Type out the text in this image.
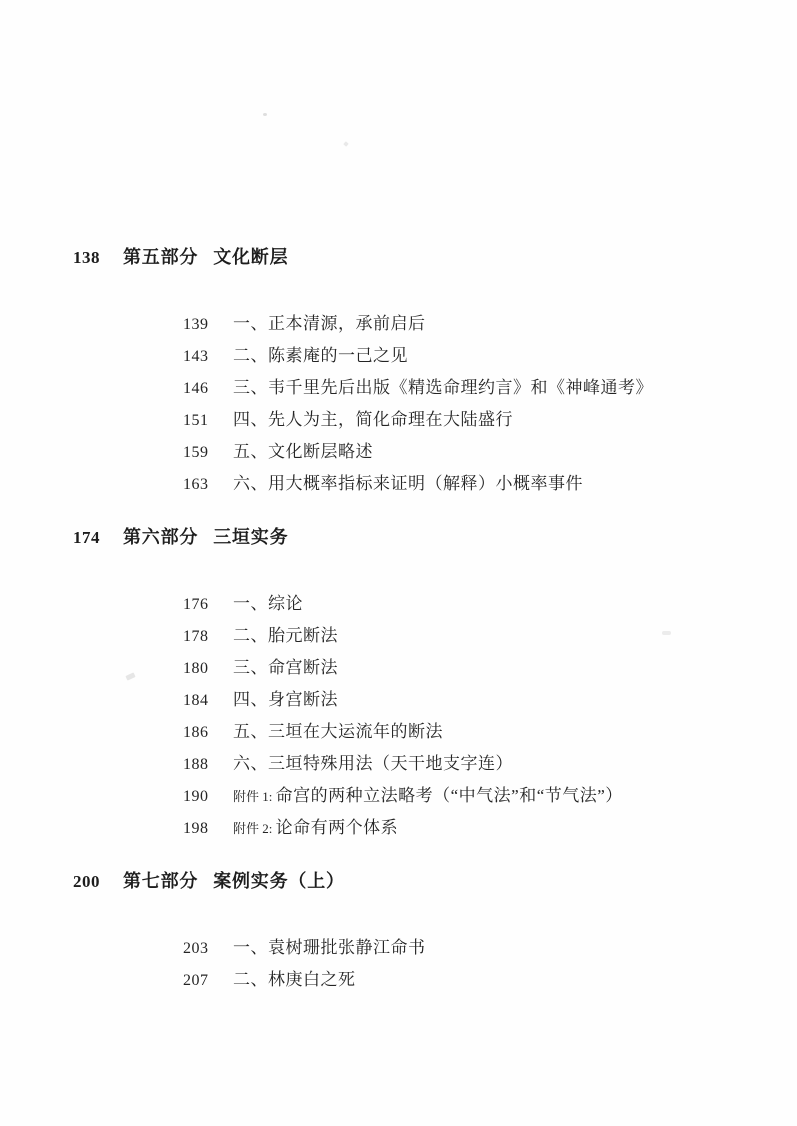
138	第五部分 文化断层
139	一、正本清源，承前启后
143	二、陈素庵的一己之见
146	三、韦千里先后出版《精选命理约言》和《神峰通考》
151	四、先人为主，简化命理在大陆盛行
159	五、文化断层略述
163	六、用大概率指标来证明（解释）小概率事件
174	第六部分 三垣实务
176	一、综论
178	二、胎元断法
180	三、命宫断法
184	四、身宫断法
186	五、三垣在大运流年的断法
188	六、三垣特殊用法（天干地支字连）
190	附件 1: 命宫的两种立法略考（“中气法”和“节气法”）
198	附件 2: 论命有两个体系
200	第七部分 案例实务（上）
203	一、袁树珊批张静江命书
207	二、林庚白之死
